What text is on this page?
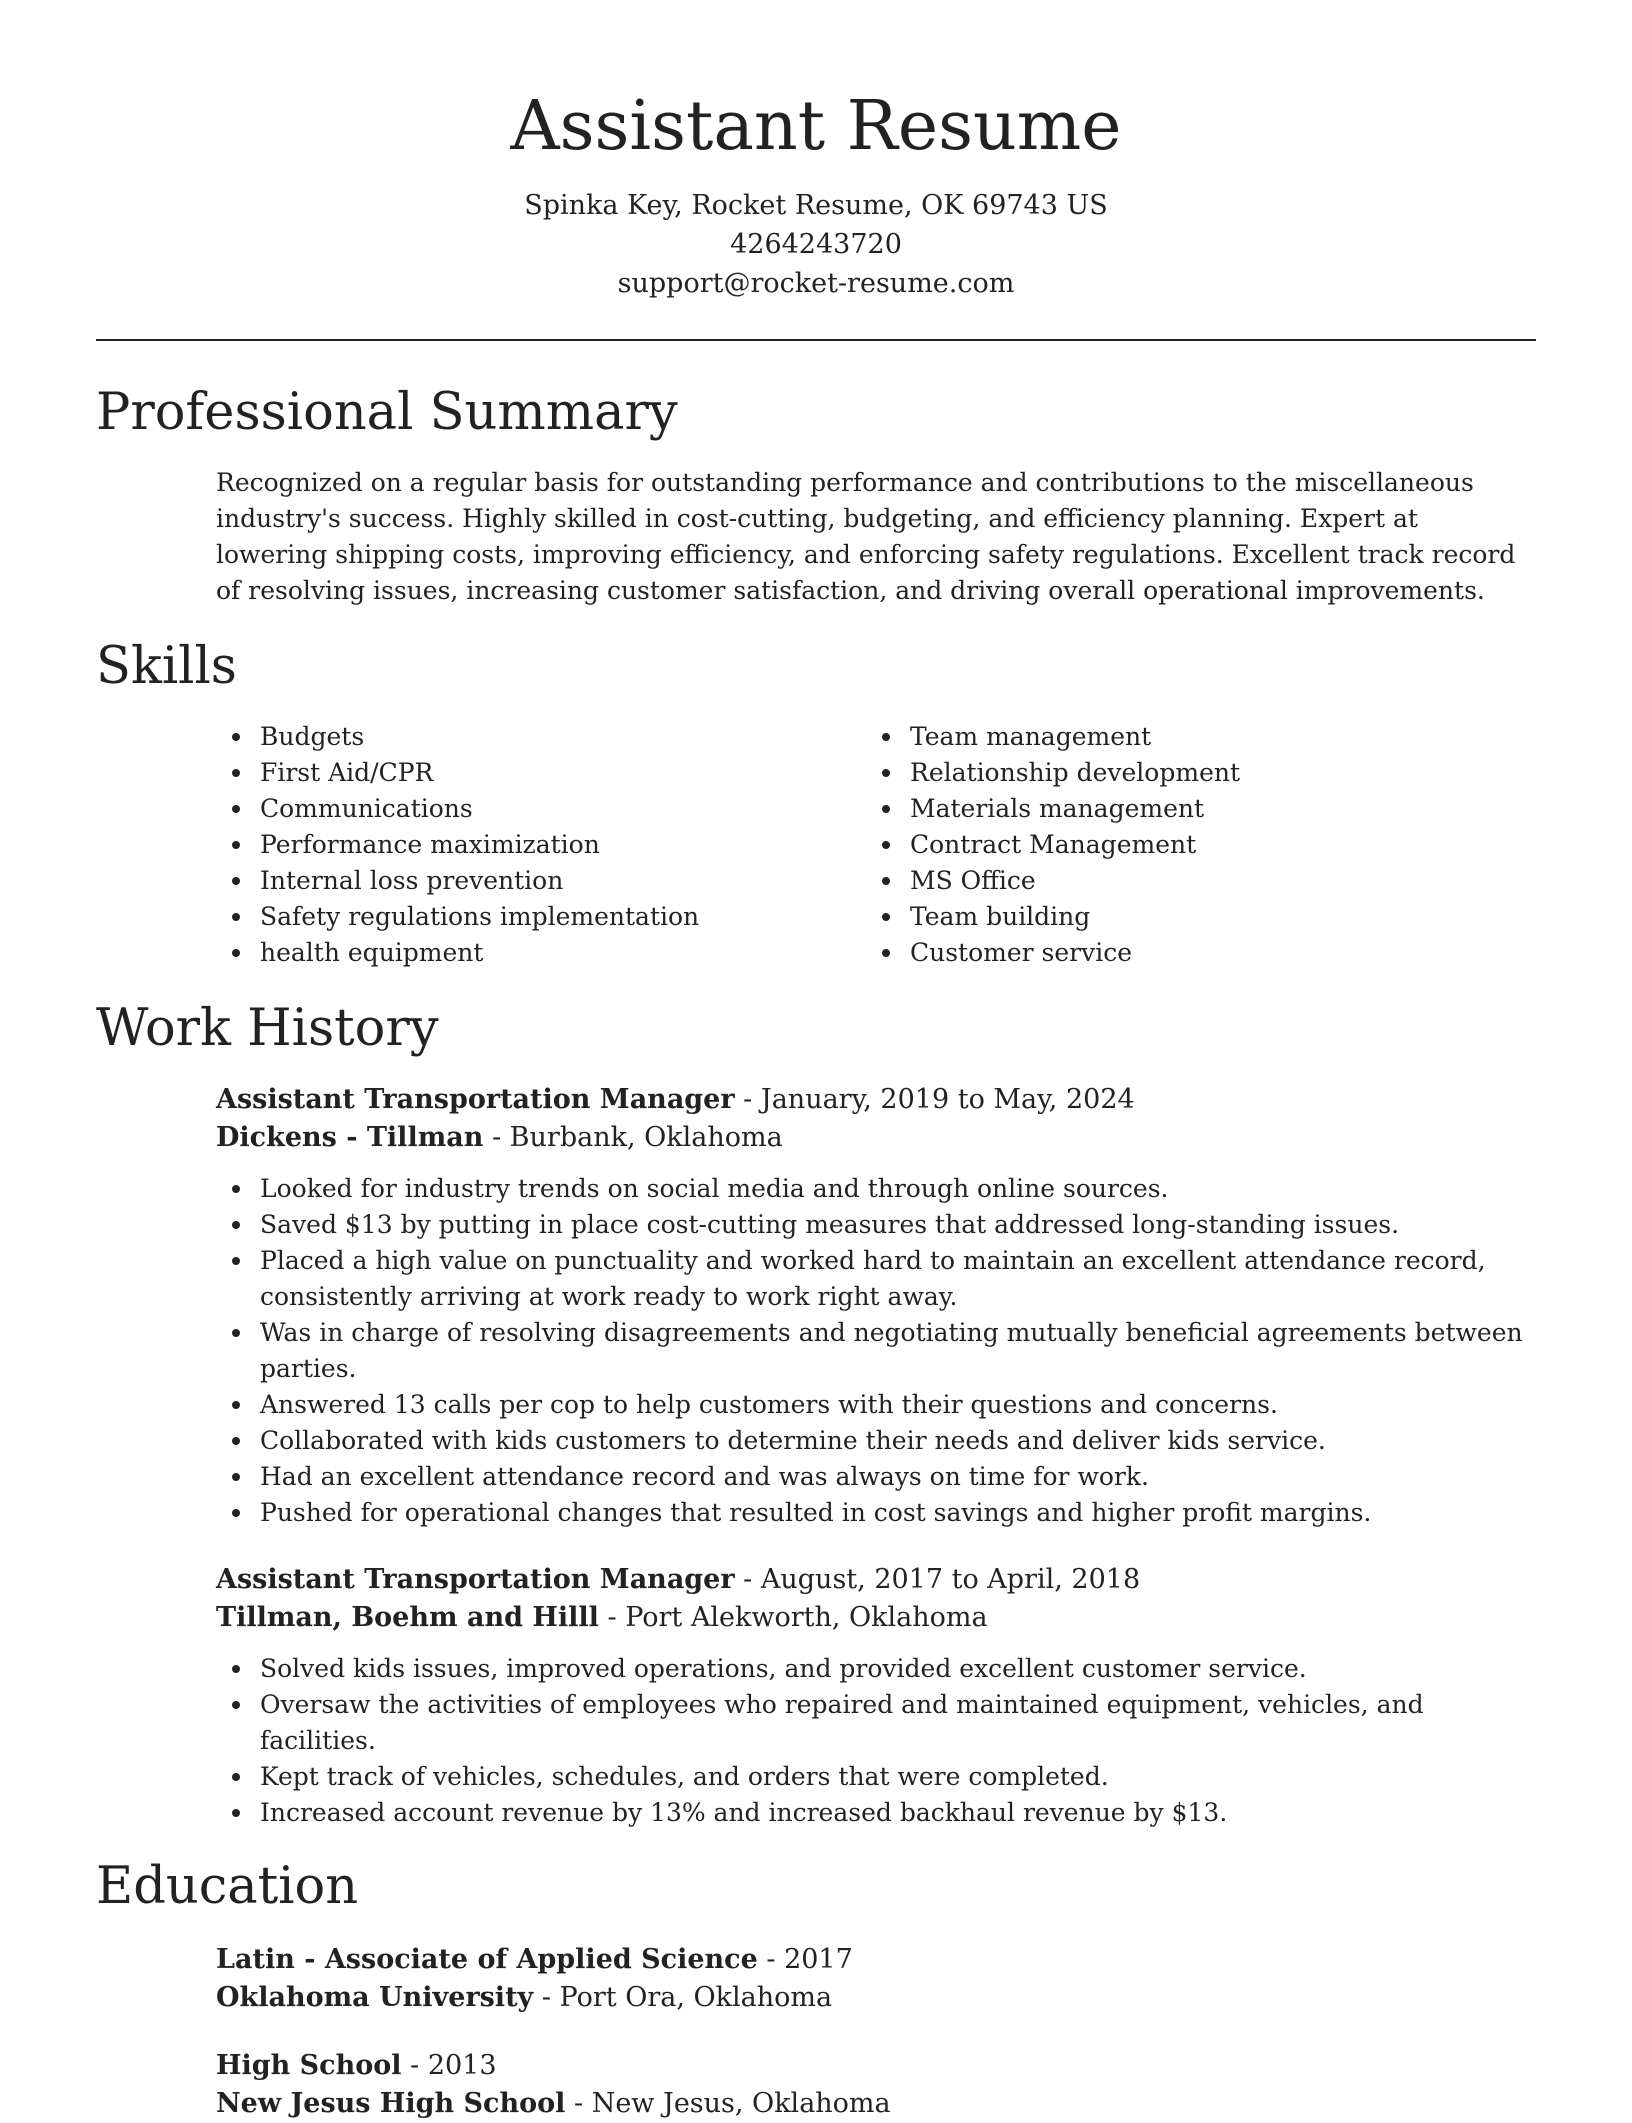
Assistant Resume
Spinka Key, Rocket Resume, OK 69743 US
4264243720
support@rocket-resume.com
Professional Summary
Recognized on a regular basis for outstanding performance and contributions to the miscellaneous industry's success. Highly skilled in cost-cutting, budgeting, and efficiency planning. Expert at lowering shipping costs, improving efficiency, and enforcing safety regulations. Excellent track record of resolving issues, increasing customer satisfaction, and driving overall operational improvements.
Skills
Budgets
First Aid/CPR
Communications
Performance maximization
Internal loss prevention
Safety regulations implementation
health equipment
Team management
Relationship development
Materials management
Contract Management
MS Office
Team building
Customer service
Work History
Assistant Transportation Manager - January, 2019 to May, 2024
Dickens - Tillman - Burbank, Oklahoma
Looked for industry trends on social media and through online sources.
Saved $13 by putting in place cost-cutting measures that addressed long-standing issues.
Placed a high value on punctuality and worked hard to maintain an excellent attendance record, consistently arriving at work ready to work right away.
Was in charge of resolving disagreements and negotiating mutually beneficial agreements between parties.
Answered 13 calls per cop to help customers with their questions and concerns.
Collaborated with kids customers to determine their needs and deliver kids service.
Had an excellent attendance record and was always on time for work.
Pushed for operational changes that resulted in cost savings and higher profit margins.
Assistant Transportation Manager - August, 2017 to April, 2018
Tillman, Boehm and Hilll - Port Alekworth, Oklahoma
Solved kids issues, improved operations, and provided excellent customer service.
Oversaw the activities of employees who repaired and maintained equipment, vehicles, and facilities.
Kept track of vehicles, schedules, and orders that were completed.
Increased account revenue by 13% and increased backhaul revenue by $13.
Education
Latin - Associate of Applied Science - 2017
Oklahoma University - Port Ora, Oklahoma
High School - 2013
New Jesus High School - New Jesus, Oklahoma
